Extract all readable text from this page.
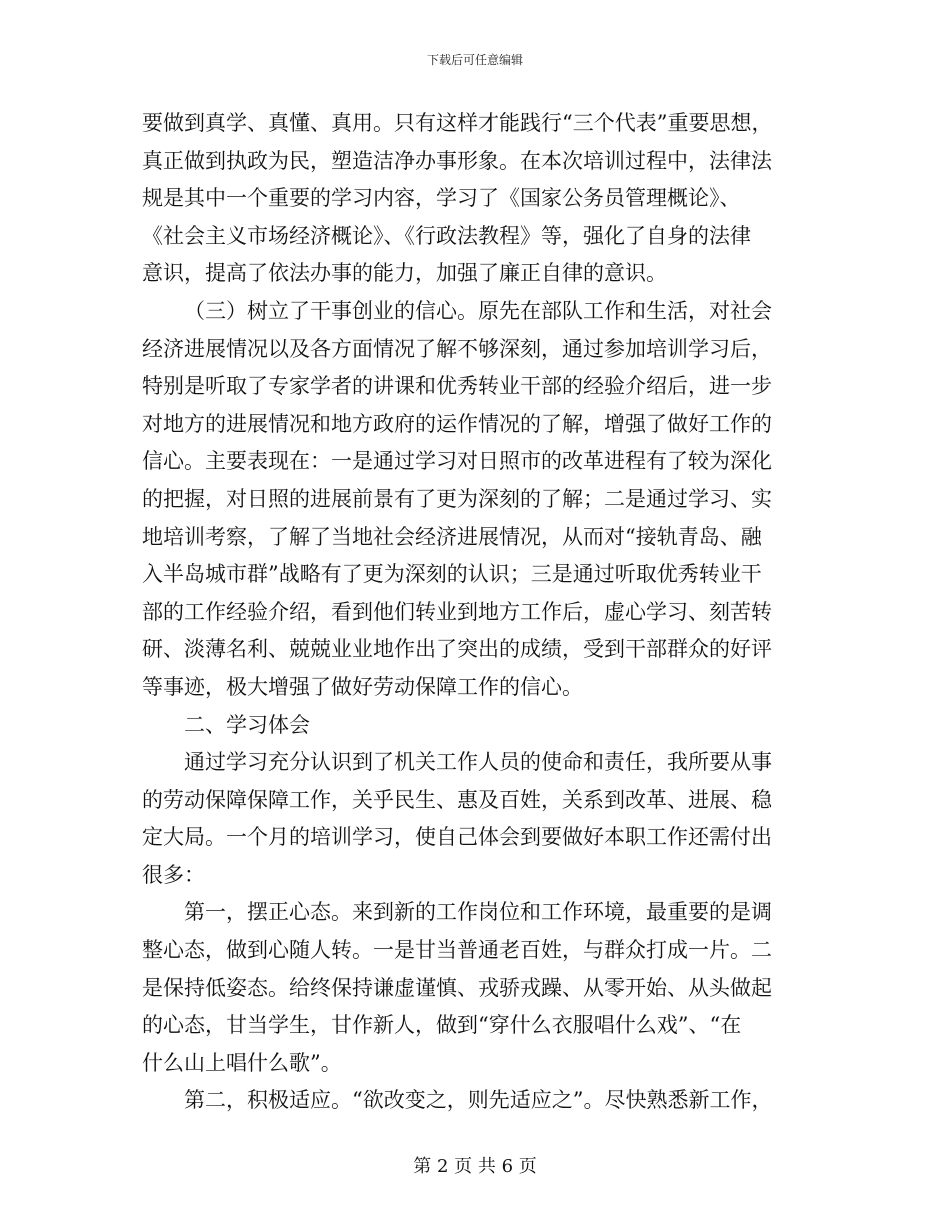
下载后可任意编辑
要做到真学、真懂、真用。只有这样才能践行“三个代表”重要思想，
真正做到执政为民，塑造洁净办事形象。在本次培训过程中，法律法
规是其中一个重要的学习内容，学习了《国家公务员管理概论》、
《社会主义市场经济概论》、《行政法教程》等，强化了自身的法律
意识，提高了依法办事的能力，加强了廉正自律的意识。
（三）树立了干事创业的信心。原先在部队工作和生活，对社会
经济进展情况以及各方面情况了解不够深刻，通过参加培训学习后，
特别是听取了专家学者的讲课和优秀转业干部的经验介绍后，进一步
对地方的进展情况和地方政府的运作情况的了解，增强了做好工作的
信心。主要表现在：一是通过学习对日照市的改革进程有了较为深化
的把握，对日照的进展前景有了更为深刻的了解；二是通过学习、实
地培训考察，了解了当地社会经济进展情况，从而对“接轨青岛、融
入半岛城市群”战略有了更为深刻的认识；三是通过听取优秀转业干
部的工作经验介绍，看到他们转业到地方工作后，虚心学习、刻苦转
研、淡薄名利、兢兢业业地作出了突出的成绩，受到干部群众的好评
等事迹，极大增强了做好劳动保障工作的信心。
二、学习体会
通过学习充分认识到了机关工作人员的使命和责任，我所要从事
的劳动保障保障工作，关乎民生、惠及百姓，关系到改革、进展、稳
定大局。一个月的培训学习，使自己体会到要做好本职工作还需付出
很多：
第一，摆正心态。来到新的工作岗位和工作环境，最重要的是调
整心态，做到心随人转。一是甘当普通老百姓，与群众打成一片。二
是保持低姿态。给终保持谦虚谨慎、戎骄戎躁、从零开始、从头做起
的心态，甘当学生，甘作新人，做到“穿什么衣服唱什么戏”、“在
什么山上唱什么歌”。
第二，积极适应。“欲改变之，则先适应之”。尽快熟悉新工作，
第 2 页 共 6 页
